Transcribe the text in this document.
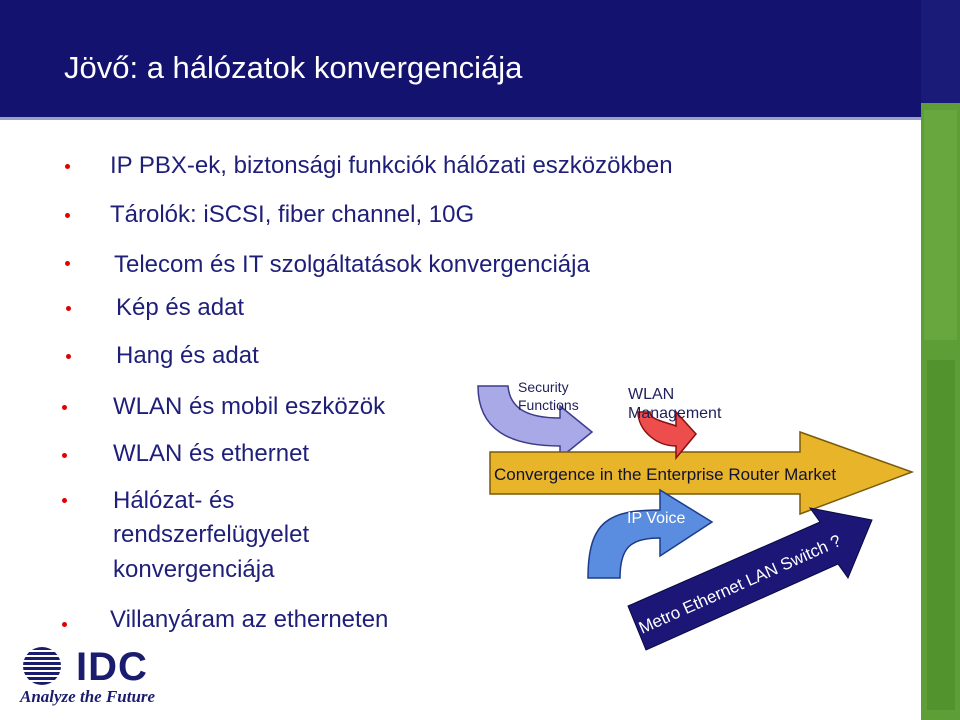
Jövő: a hálózatok konvergenciája
IP PBX-ek, biztonsági funkciók hálózati eszközökben
Tárolók: iSCSI, fiber channel, 10G
Telecom és IT szolgáltatások konvergenciája
Kép és adat
Hang és adat
WLAN és mobil eszközök
WLAN és ethernet
Hálózat- és
rendszerfelügyelet
konvergenciája
Villanyáram az etherneten
Security
Functions
WLAN
Management
Convergence in the Enterprise Router Market
IP Voice
Metro Ethernet LAN Switch ?
IDC
Analyze the Future
